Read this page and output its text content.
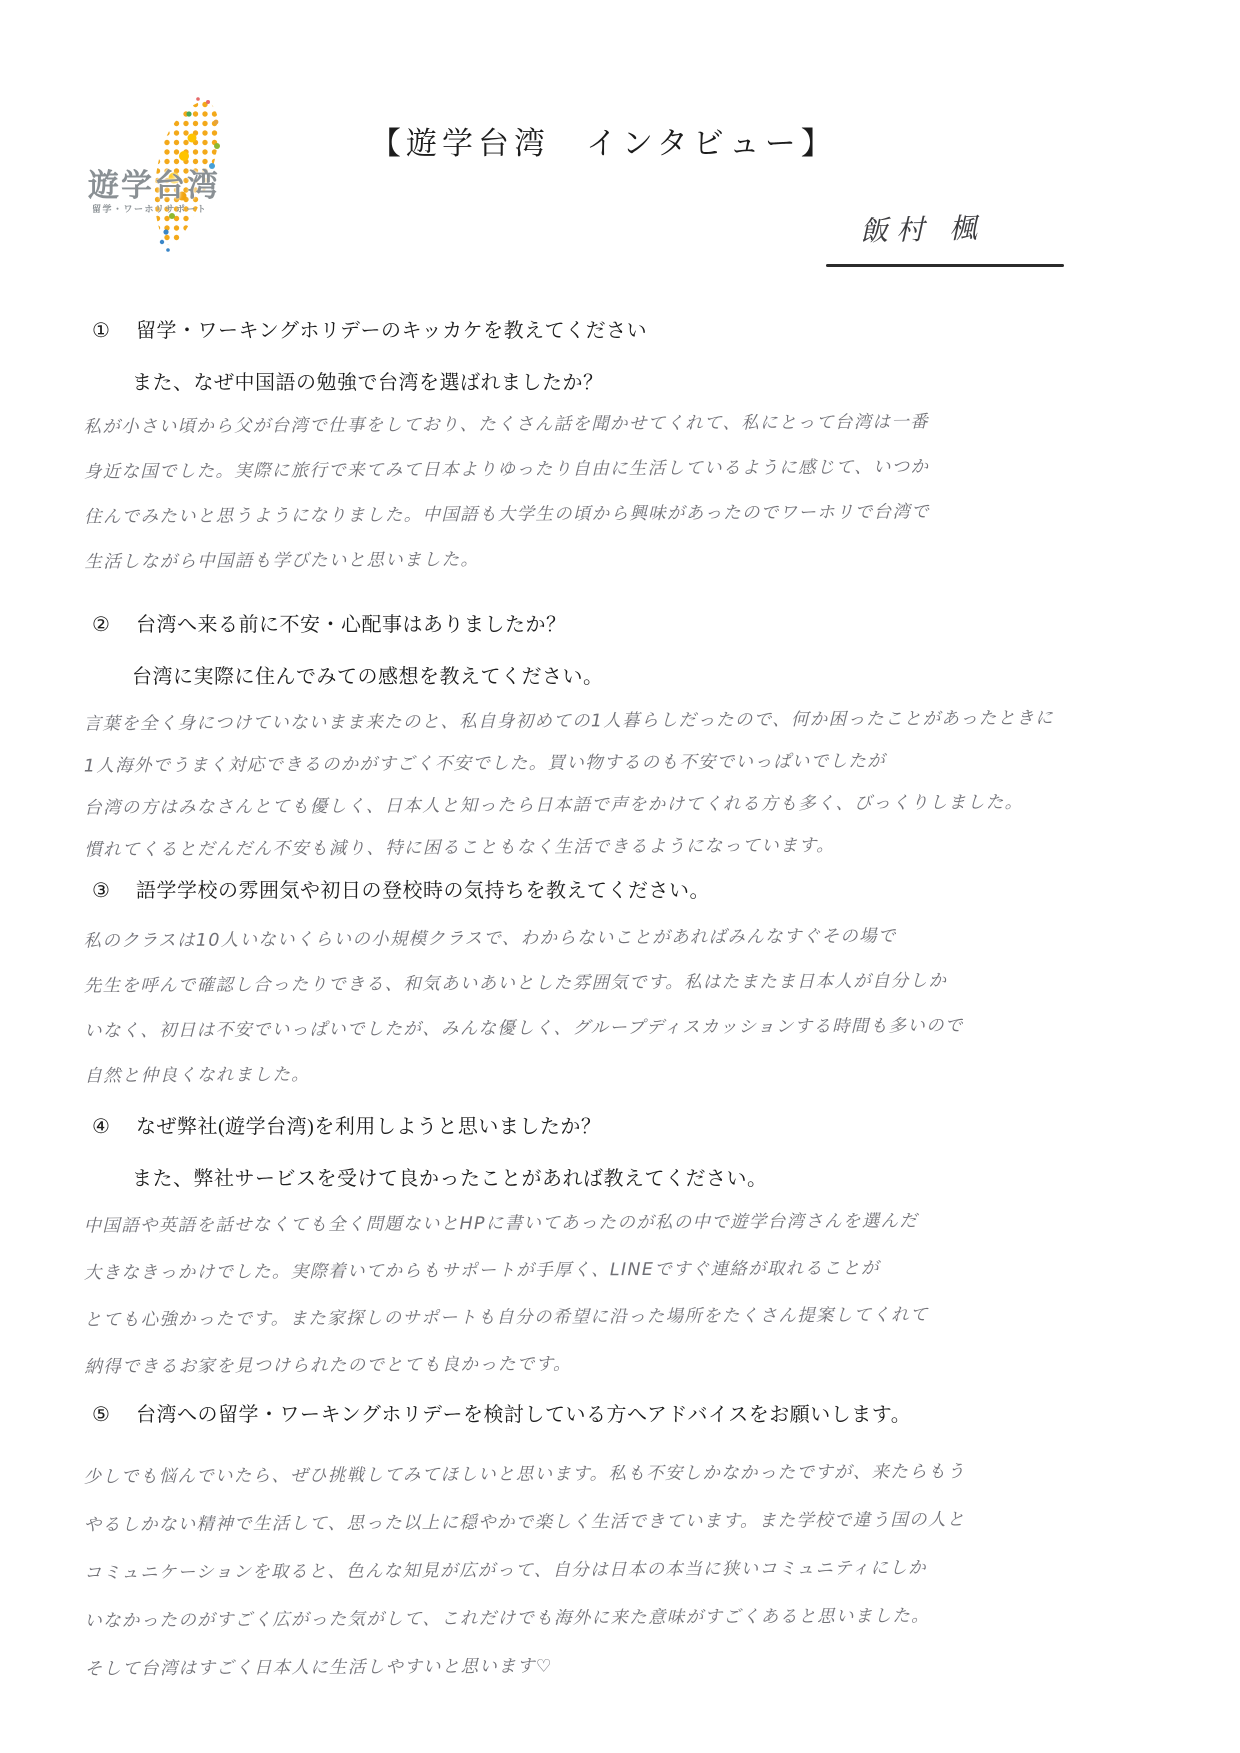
遊学台湾
留学・ワーホリサポート
【遊学台湾　インタビュー】
飯村 楓
①	留学・ワーキングホリデーのキッカケを教えてください
また、なぜ中国語の勉強で台湾を選ばれましたか？
私が小さい頃から父が台湾で仕事をしており、たくさん話を聞かせてくれて、私にとって台湾は一番
身近な国でした。実際に旅行で来てみて日本よりゆったり自由に生活しているように感じて、いつか
住んでみたいと思うようになりました。中国語も大学生の頃から興味があったのでワーホリで台湾で
生活しながら中国語も学びたいと思いました。
②	台湾へ来る前に不安・心配事はありましたか？
台湾に実際に住んでみての感想を教えてください。
言葉を全く身につけていないまま来たのと、私自身初めての1人暮らしだったので、何か困ったことがあったときに
1人海外でうまく対応できるのかがすごく不安でした。買い物するのも不安でいっぱいでしたが
台湾の方はみなさんとても優しく、日本人と知ったら日本語で声をかけてくれる方も多く、びっくりしました。
慣れてくるとだんだん不安も減り、特に困ることもなく生活できるようになっています。
③	語学学校の雰囲気や初日の登校時の気持ちを教えてください。
私のクラスは10人いないくらいの小規模クラスで、わからないことがあればみんなすぐその場で
先生を呼んで確認し合ったりできる、和気あいあいとした雰囲気です。私はたまたま日本人が自分しか
いなく、初日は不安でいっぱいでしたが、みんな優しく、グループディスカッションする時間も多いので
自然と仲良くなれました。
④	なぜ弊社(遊学台湾)を利用しようと思いましたか？
また、弊社サービスを受けて良かったことがあれば教えてください。
中国語や英語を話せなくても全く問題ないとHPに書いてあったのが私の中で遊学台湾さんを選んだ
大きなきっかけでした。実際着いてからもサポートが手厚く、LINEですぐ連絡が取れることが
とても心強かったです。また家探しのサポートも自分の希望に沿った場所をたくさん提案してくれて
納得できるお家を見つけられたのでとても良かったです。
⑤	台湾への留学・ワーキングホリデーを検討している方へアドバイスをお願いします。
少しでも悩んでいたら、ぜひ挑戦してみてほしいと思います。私も不安しかなかったですが、来たらもう
やるしかない精神で生活して、思った以上に穏やかで楽しく生活できています。また学校で違う国の人と
コミュニケーションを取ると、色んな知見が広がって、自分は日本の本当に狭いコミュニティにしか
いなかったのがすごく広がった気がして、これだけでも海外に来た意味がすごくあると思いました。
そして台湾はすごく日本人に生活しやすいと思います♡
